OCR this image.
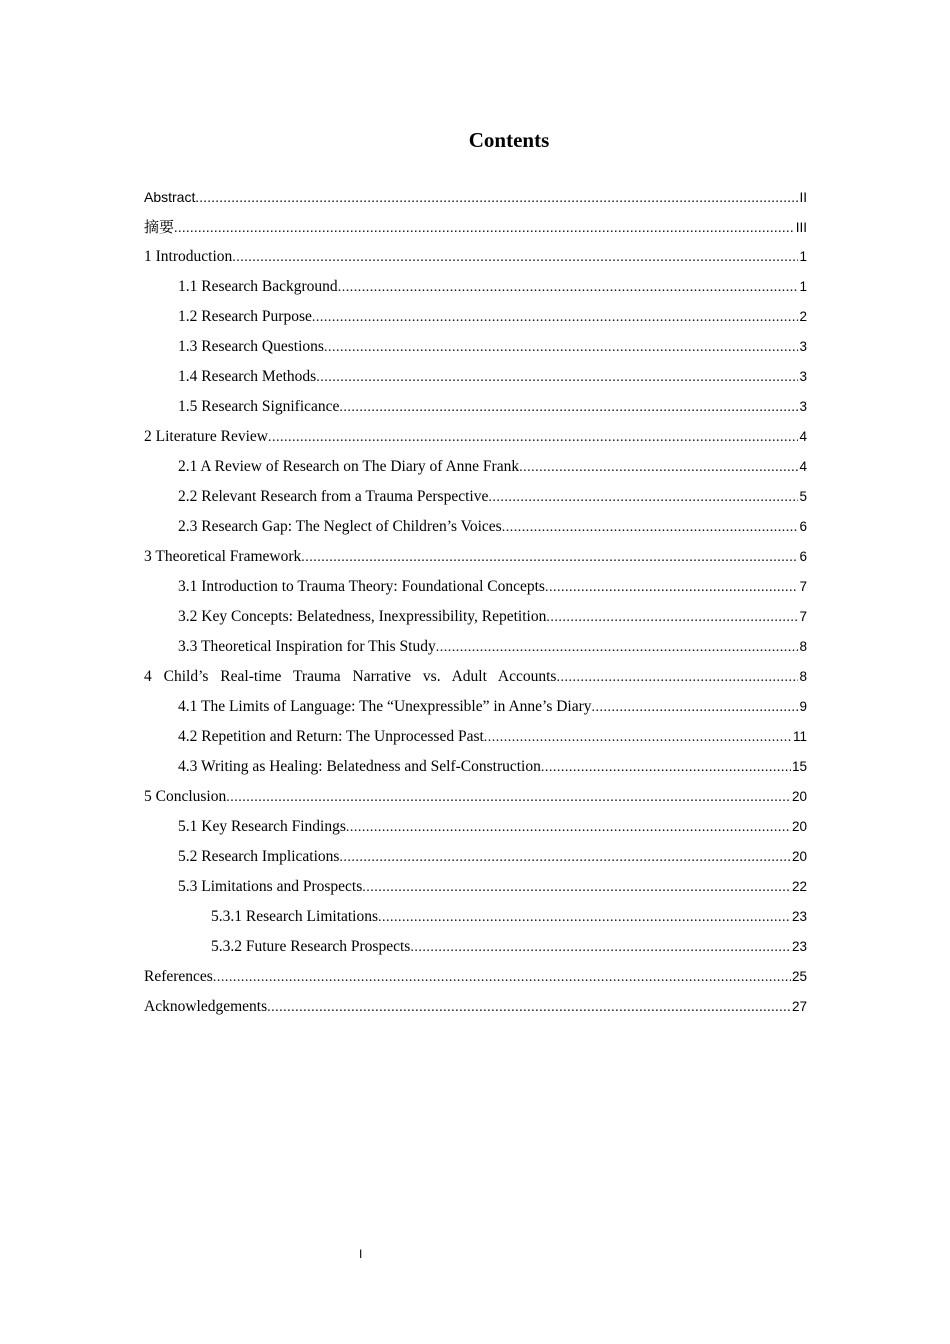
Contents
Abstract .....	II
摘要 .....	III
1 Introduction .....	1
1.1 Research Background .....	1
1.2 Research Purpose .....	2
1.3 Research Questions .....	3
1.4 Research Methods .....	3
1.5 Research Significance .....	3
2 Literature Review .....	4
2.1 A Review of Research on The Diary of Anne Frank .....	4
2.2 Relevant Research from a Trauma Perspective .....	5
2.3 Research Gap: The Neglect of Children’s Voices .....	6
3 Theoretical Framework .....	6
3.1 Introduction to Trauma Theory: Foundational Concepts .....	7
3.2 Key Concepts: Belatedness, Inexpressibility, Repetition .....	7
3.3 Theoretical Inspiration for This Study .....	8
4 Child’s Real-time Trauma Narrative vs. Adult Accounts .....	8
4.1 The Limits of Language: The “Unexpressible” in Anne’s Diary .....	9
4.2 Repetition and Return: The Unprocessed Past .....	11
4.3 Writing as Healing: Belatedness and Self-Construction .....	15
5 Conclusion .....	20
5.1 Key Research Findings .....	20
5.2 Research Implications .....	20
5.3 Limitations and Prospects .....	22
5.3.1 Research Limitations .....	23
5.3.2 Future Research Prospects .....	23
References .....	25
Acknowledgements .....	27
I
